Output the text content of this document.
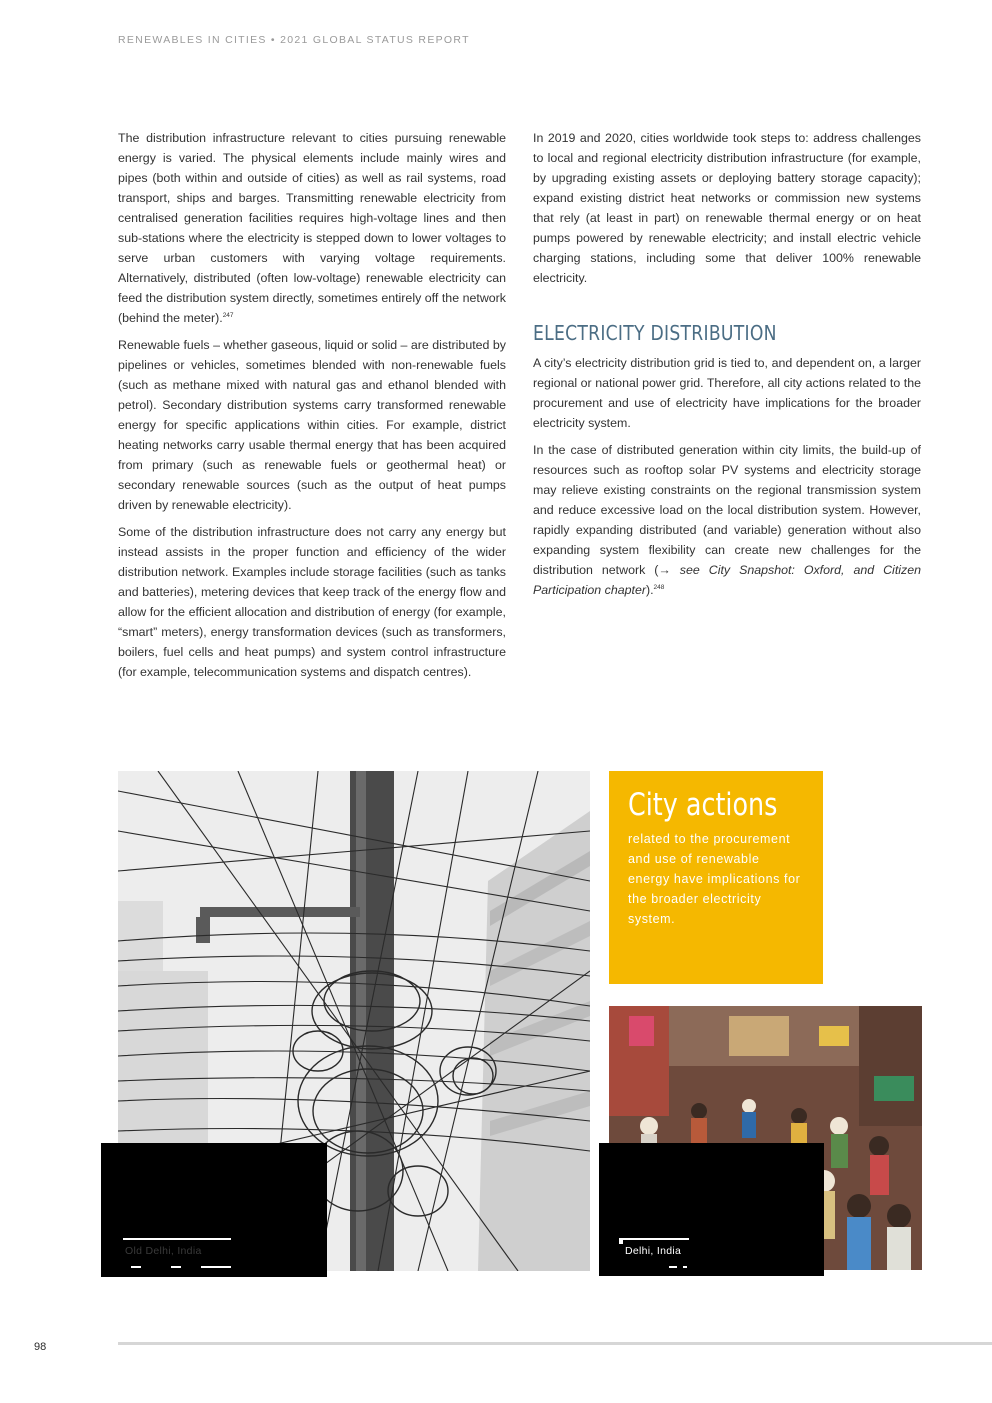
RENEWABLES IN CITIES • 2021 GLOBAL STATUS REPORT

The distribution infrastructure relevant to cities pursuing renewable energy is varied. The physical elements include mainly wires and pipes (both within and outside of cities) as well as rail systems, road transport, ships and barges. Transmitting renewable electricity from centralised generation facilities requires high-voltage lines and then sub-stations where the electricity is stepped down to lower voltages to serve urban customers with varying voltage requirements. Alternatively, distributed (often low-voltage) renewable electricity can feed the distribution system directly, sometimes entirely off the network (behind the meter).$^{247}$

Renewable fuels – whether gaseous, liquid or solid – are distributed by pipelines or vehicles, sometimes blended with non-renewable fuels (such as methane mixed with natural gas and ethanol blended with petrol). Secondary distribution systems carry transformed renewable energy for specific applications within cities. For example, district heating networks carry usable thermal energy that has been acquired from primary (such as renewable fuels or geothermal heat) or secondary renewable sources (such as the output of heat pumps driven by renewable electricity).

Some of the distribution infrastructure does not carry any energy but instead assists in the proper function and efficiency of the wider distribution network. Examples include storage facilities (such as tanks and batteries), metering devices that keep track of the energy flow and allow for the efficient allocation and distribution of energy (for example, “smart” meters), energy transformation devices (such as transformers, boilers, fuel cells and heat pumps) and system control infrastructure (for example, telecommunication systems and dispatch centres).

In 2019 and 2020, cities worldwide took steps to: address challenges to local and regional electricity distribution infrastructure (for example, by upgrading existing assets or deploying battery storage capacity); expand existing district heat networks or commission new systems that rely (at least in part) on renewable thermal energy or on heat pumps powered by renewable electricity; and install electric vehicle charging stations, including some that deliver 100% renewable electricity.

ELECTRICITY DISTRIBUTION

A city’s electricity distribution grid is tied to, and dependent on, a larger regional or national power grid. Therefore, all city actions related to the procurement and use of electricity have implications for the broader electricity system.

In the case of distributed generation within city limits, the build-up of resources such as rooftop solar PV systems and electricity storage may relieve existing constraints on the regional transmission system and reduce excessive load on the local distribution system. However, rapidly expanding distributed (and variable) generation without also expanding system flexibility can create new challenges for the distribution network (→ see City Snapshot: Oxford, and Citizen Participation chapter).$^{248}$

City actions
related to the procurement and use of renewable energy have implications for the broader electricity system.
Old Delhi, India	Delhi, India
98
